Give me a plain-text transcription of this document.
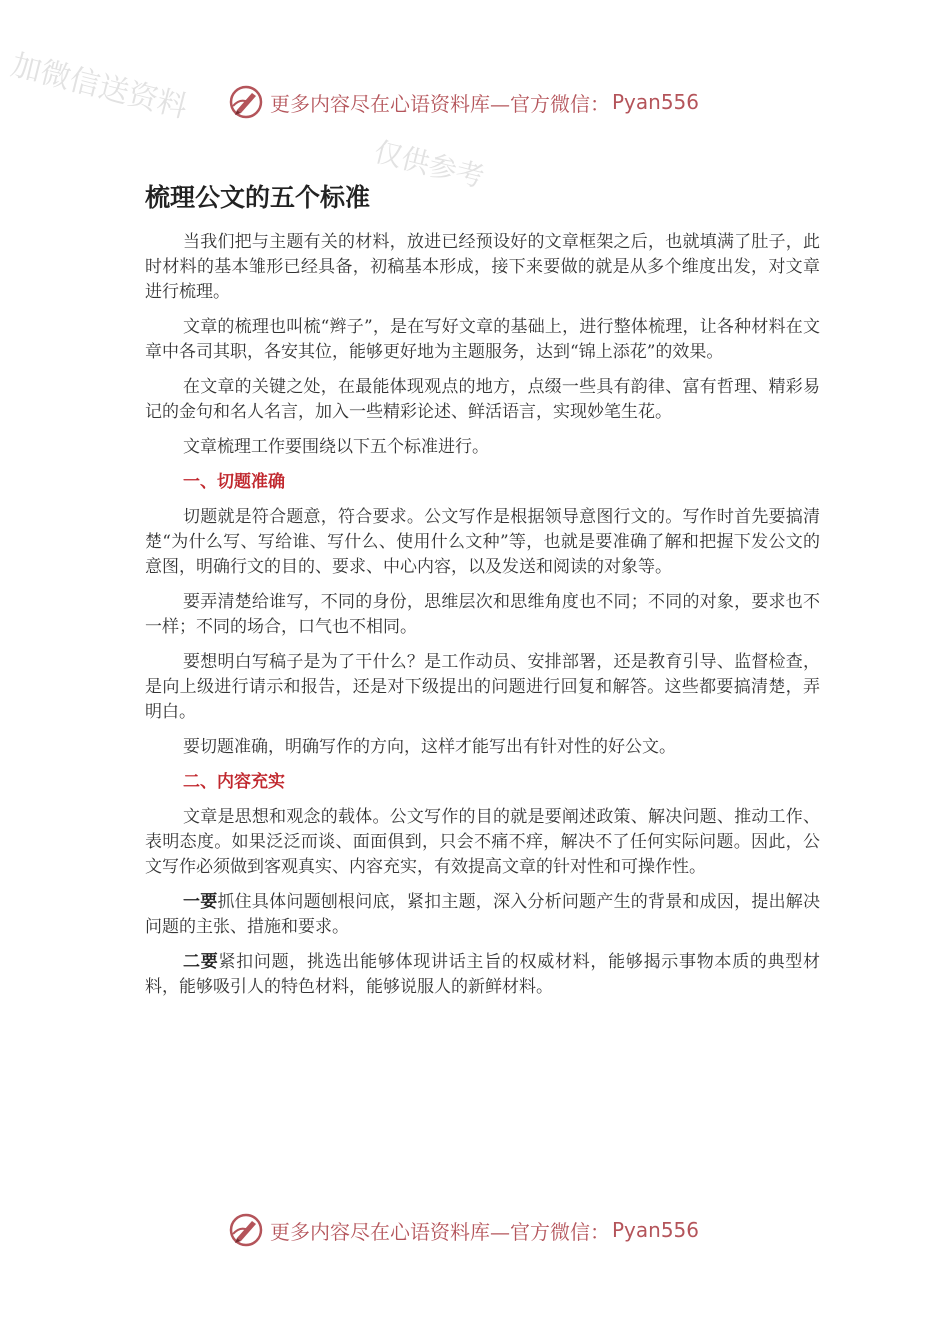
加微信送资料
仅供参考
更多内容尽在心语资料库—官方微信： Pyan556
梳理公文的五个标准

当我们把与主题有关的材料，放进已经预设好的文章框架之后，也就填满了肚子，此时材料的基本雏形已经具备，初稿基本形成，接下来要做的就是从多个维度出发，对文章进行梳理。

文章的梳理也叫梳“辫子”，是在写好文章的基础上，进行整体梳理，让各种材料在文章中各司其职，各安其位，能够更好地为主题服务，达到“锦上添花”的效果。

在文章的关键之处，在最能体现观点的地方，点缀一些具有韵律、富有哲理、精彩易记的金句和名人名言，加入一些精彩论述、鲜活语言，实现妙笔生花。

文章梳理工作要围绕以下五个标准进行。

一、切题准确

切题就是符合题意，符合要求。公文写作是根据领导意图行文的。写作时首先要搞清楚“为什么写、写给谁、写什么、使用什么文种”等，也就是要准确了解和把握下发公文的意图，明确行文的目的、要求、中心内容，以及发送和阅读的对象等。

要弄清楚给谁写，不同的身份，思维层次和思维角度也不同；不同的对象，要求也不一样；不同的场合，口气也不相同。

要想明白写稿子是为了干什么？是工作动员、安排部署，还是教育引导、监督检查，是向上级进行请示和报告，还是对下级提出的问题进行回复和解答。这些都要搞清楚，弄明白。

要切题准确，明确写作的方向，这样才能写出有针对性的好公文。

二、内容充实

文章是思想和观念的载体。公文写作的目的就是要阐述政策、解决问题、推动工作、表明态度。如果泛泛而谈、面面俱到，只会不痛不痒，解决不了任何实际问题。因此，公文写作必须做到客观真实、内容充实，有效提高文章的针对性和可操作性。

一要抓住具体问题刨根问底，紧扣主题，深入分析问题产生的背景和成因，提出解决问题的主张、措施和要求。

二要紧扣问题，挑选出能够体现讲话主旨的权威材料，能够揭示事物本质的典型材料，能够吸引人的特色材料，能够说服人的新鲜材料。

更多内容尽在心语资料库—官方微信： Pyan556
